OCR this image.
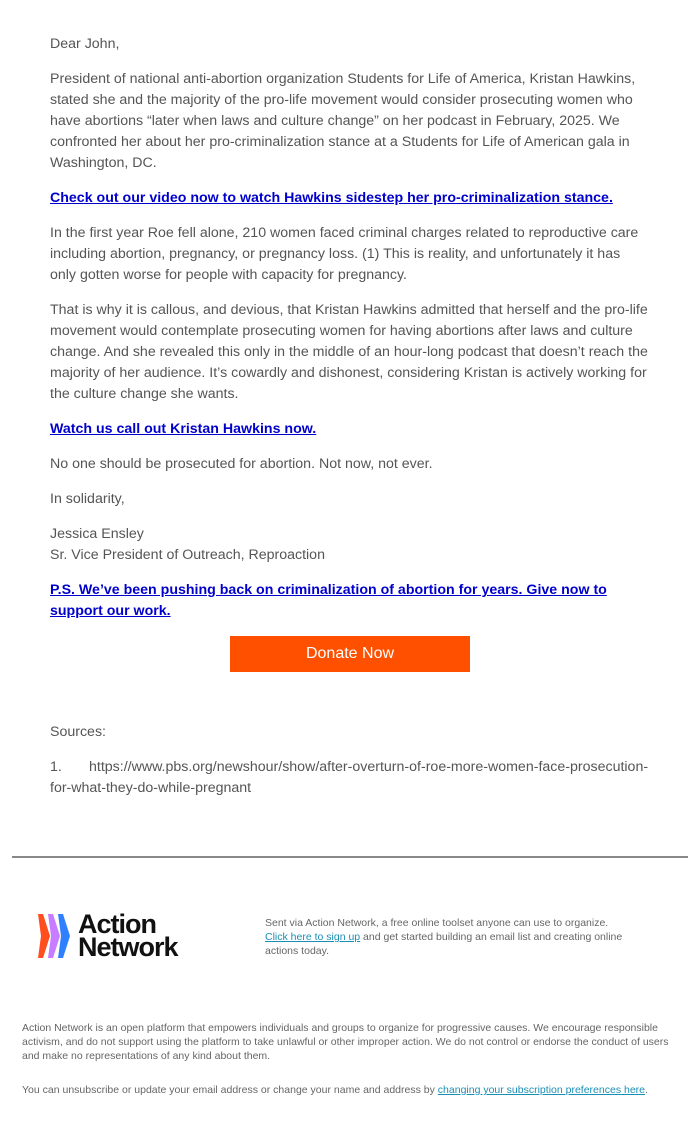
Dear John,

President of national anti-abortion organization Students for Life of America, Kristan Hawkins, stated she and the majority of the pro-life movement would consider prosecuting women who have abortions “later when laws and culture change” on her podcast in February, 2025. We confronted her about her pro-criminalization stance at a Students for Life of American gala in Washington, DC.

Check out our video now to watch Hawkins sidestep her pro-criminalization stance.

In the first year Roe fell alone, 210 women faced criminal charges related to reproductive care including abortion, pregnancy, or pregnancy loss. (1) This is reality, and unfortunately it has only gotten worse for people with capacity for pregnancy.

That is why it is callous, and devious, that Kristan Hawkins admitted that herself and the pro-life movement would contemplate prosecuting women for having abortions after laws and culture change. And she revealed this only in the middle of an hour-long podcast that doesn’t reach the majority of her audience. It’s cowardly and dishonest, considering Kristan is actively working for the culture change she wants.

Watch us call out Kristan Hawkins now.

No one should be prosecuted for abortion. Not now, not ever.

In solidarity,

Jessica Ensley
Sr. Vice President of Outreach, Reproaction

P.S. We’ve been pushing back on criminalization of abortion for years. Give now to support our work.

Donate Now

Sources:

1. https://www.pbs.org/newshour/show/after-overturn-of-roe-more-women-face-prosecution-for-what-they-do-while-pregnant
Action
Network
Sent via Action Network, a free online toolset anyone can use to organize.
Click here to sign up and get started building an email list and creating online actions today.
Action Network is an open platform that empowers individuals and groups to organize for progressive causes. We encourage responsible activism, and do not support using the platform to take unlawful or other improper action. We do not control or endorse the conduct of users and make no representations of any kind about them.
You can unsubscribe or update your email address or change your name and address by changing your subscription preferences here.
